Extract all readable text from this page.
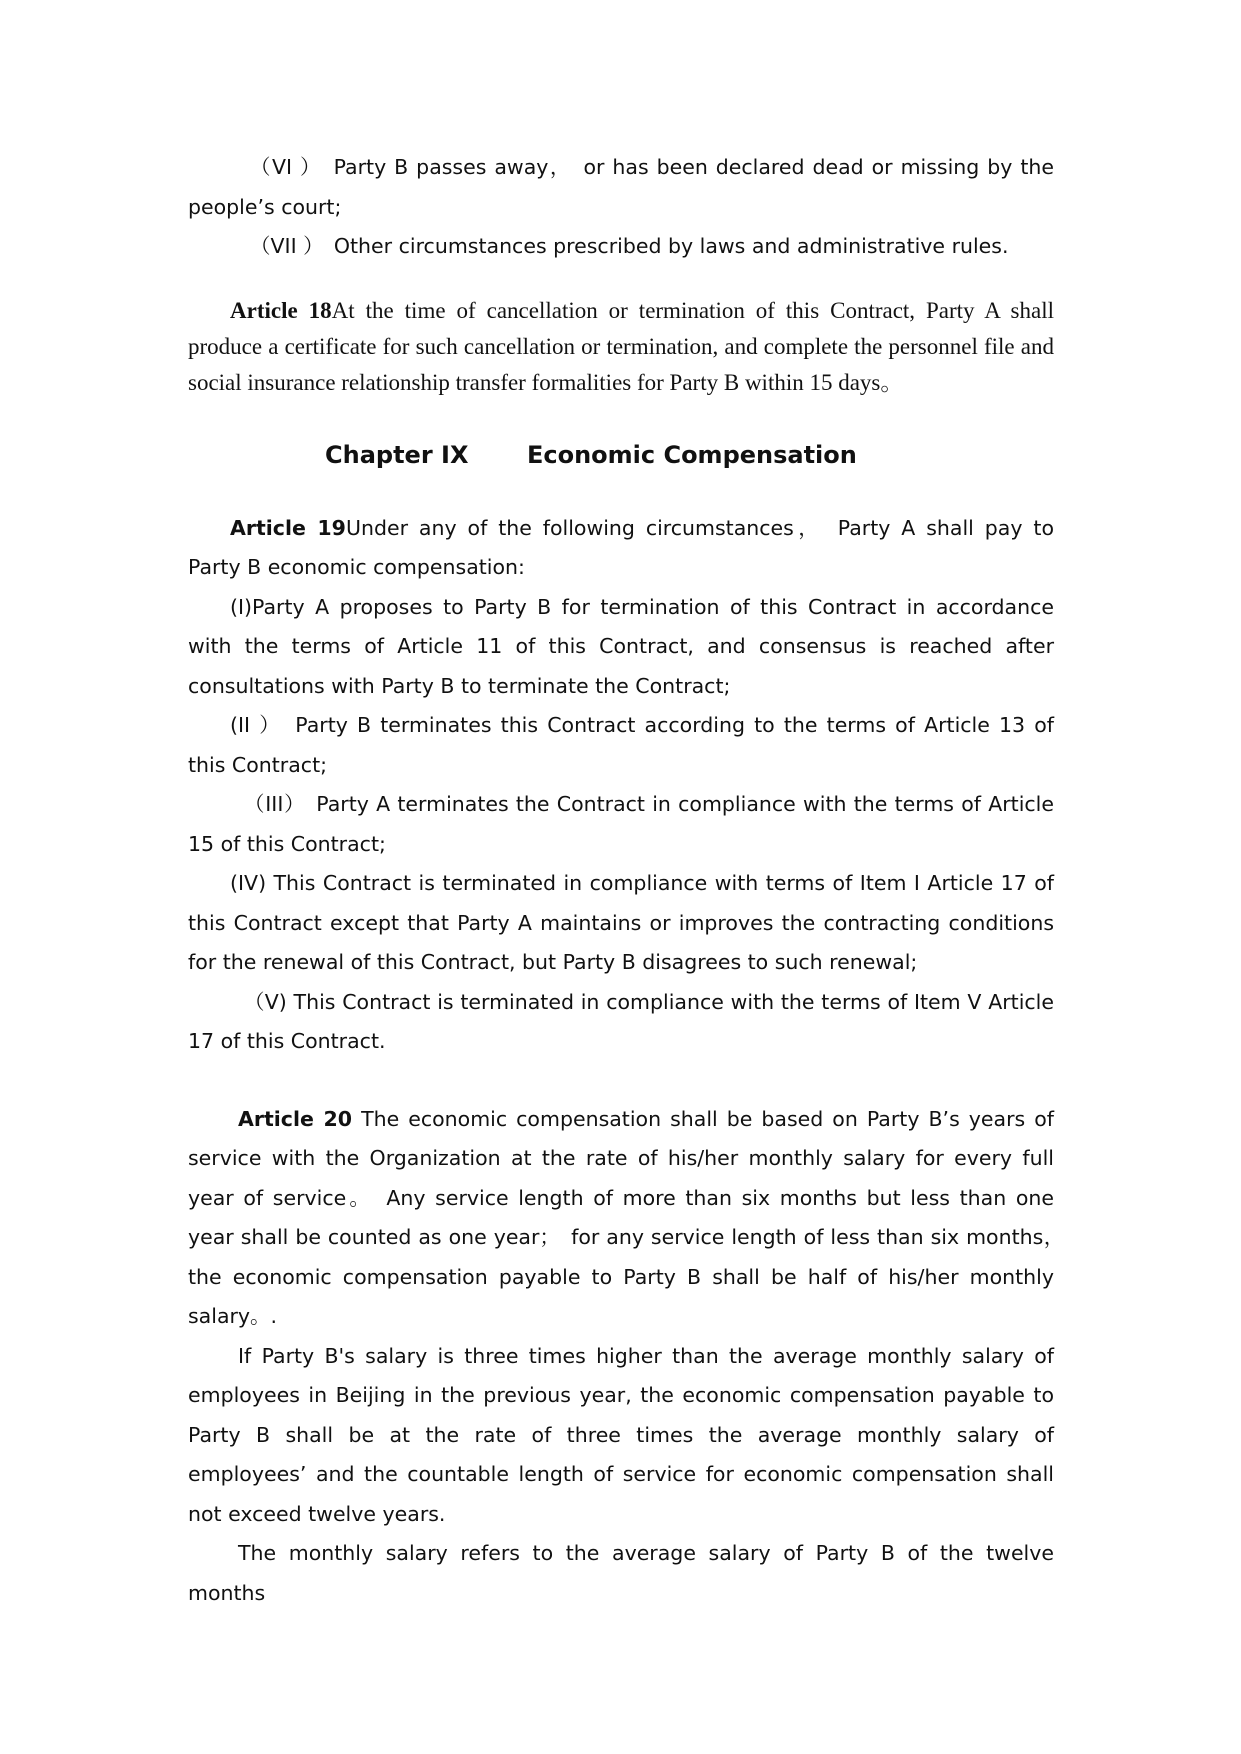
（VI ）　Party B passes away，　or has been declared dead or missing by the people’s court;

（VII ）　Other circumstances prescribed by laws and administrative rules.

Article 18At the time of cancellation or termination of this Contract, Party A shall produce a certificate for such cancellation or termination, and complete the personnel file and social insurance relationship transfer formalities for Party B within 15 days。

Chapter IX Economic Compensation

Article 19Under any of the following circumstances，　Party A shall pay to Party B economic compensation:

(I)Party A proposes to Party B for termination of this Contract in accordance with the terms of Article 11 of this Contract, and consensus is reached after consultations with Party B to terminate the Contract;

(II ）　Party B terminates this Contract according to the terms of Article 13 of this Contract;

（III）　Party A terminates the Contract in compliance with the terms of Article 15 of this Contract;

(IV) This Contract is terminated in compliance with terms of Item I Article 17 of this Contract except that Party A maintains or improves the contracting conditions for the renewal of this Contract, but Party B disagrees to such renewal;

（V) This Contract is terminated in compliance with the terms of Item V Article 17 of this Contract.

Article 20 The economic compensation shall be based on Party B’s years of service with the Organization at the rate of his/her monthly salary for every full year of service。　Any service length of more than six months but less than one year shall be counted as one year；　for any service length of less than six months，　the economic compensation payable to Party B shall be half of his/her monthly salary。.

If Party B's salary is three times higher than the average monthly salary of employees in Beijing in the previous year, the economic compensation payable to Party B shall be at the rate of three times the average monthly salary of employees’ and the countable length of service for economic compensation shall not exceed twelve years.

The monthly salary refers to the average salary of Party B of the twelve months
